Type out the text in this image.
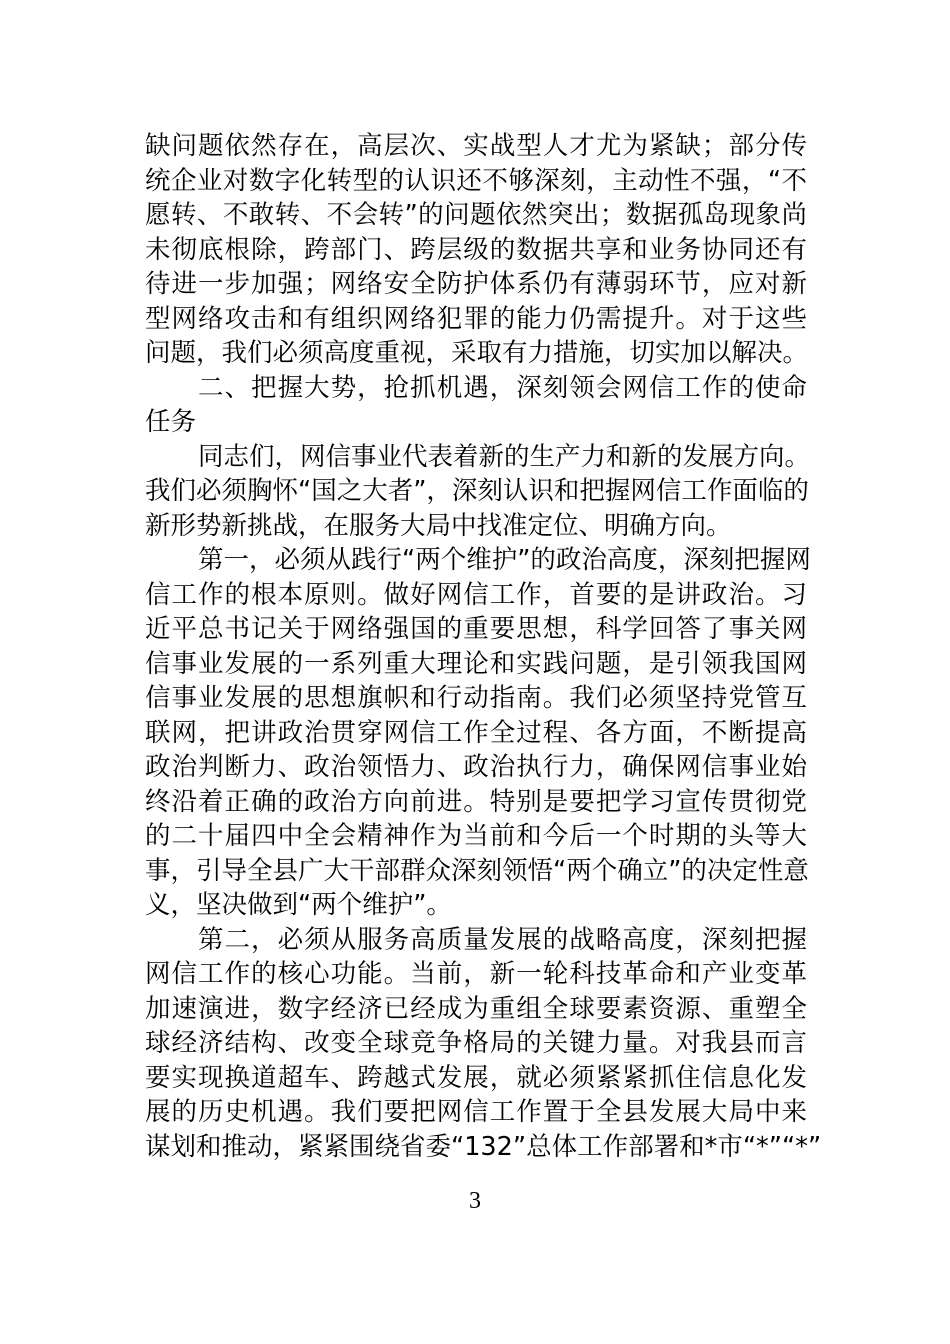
缺问题依然存在，高层次、实战型人才尤为紧缺；部分传
统企业对数字化转型的认识还不够深刻，主动性不强，“不
愿转、不敢转、不会转”的问题依然突出；数据孤岛现象尚
未彻底根除，跨部门、跨层级的数据共享和业务协同还有
待进一步加强；网络安全防护体系仍有薄弱环节，应对新
型网络攻击和有组织网络犯罪的能力仍需提升。对于这些
问题，我们必须高度重视，采取有力措施，切实加以解决。
二、把握大势，抢抓机遇，深刻领会网信工作的使命
任务
同志们，网信事业代表着新的生产力和新的发展方向。
我们必须胸怀“国之大者”，深刻认识和把握网信工作面临的
新形势新挑战，在服务大局中找准定位、明确方向。
第一，必须从践行“两个维护”的政治高度，深刻把握网
信工作的根本原则。做好网信工作，首要的是讲政治。习
近平总书记关于网络强国的重要思想，科学回答了事关网
信事业发展的一系列重大理论和实践问题，是引领我国网
信事业发展的思想旗帜和行动指南。我们必须坚持党管互
联网，把讲政治贯穿网信工作全过程、各方面，不断提高
政治判断力、政治领悟力、政治执行力，确保网信事业始
终沿着正确的政治方向前进。特别是要把学习宣传贯彻党
的二十届四中全会精神作为当前和今后一个时期的头等大
事，引导全县广大干部群众深刻领悟“两个确立”的决定性意
义，坚决做到“两个维护”。
第二，必须从服务高质量发展的战略高度，深刻把握
网信工作的核心功能。当前，新一轮科技革命和产业变革
加速演进，数字经济已经成为重组全球要素资源、重塑全
球经济结构、改变全球竞争格局的关键力量。对我县而言
要实现换道超车、跨越式发展，就必须紧紧抓住信息化发
展的历史机遇。我们要把网信工作置于全县发展大局中来
谋划和推动，紧紧围绕省委“132”总体工作部署和*市“*”“*”
3
